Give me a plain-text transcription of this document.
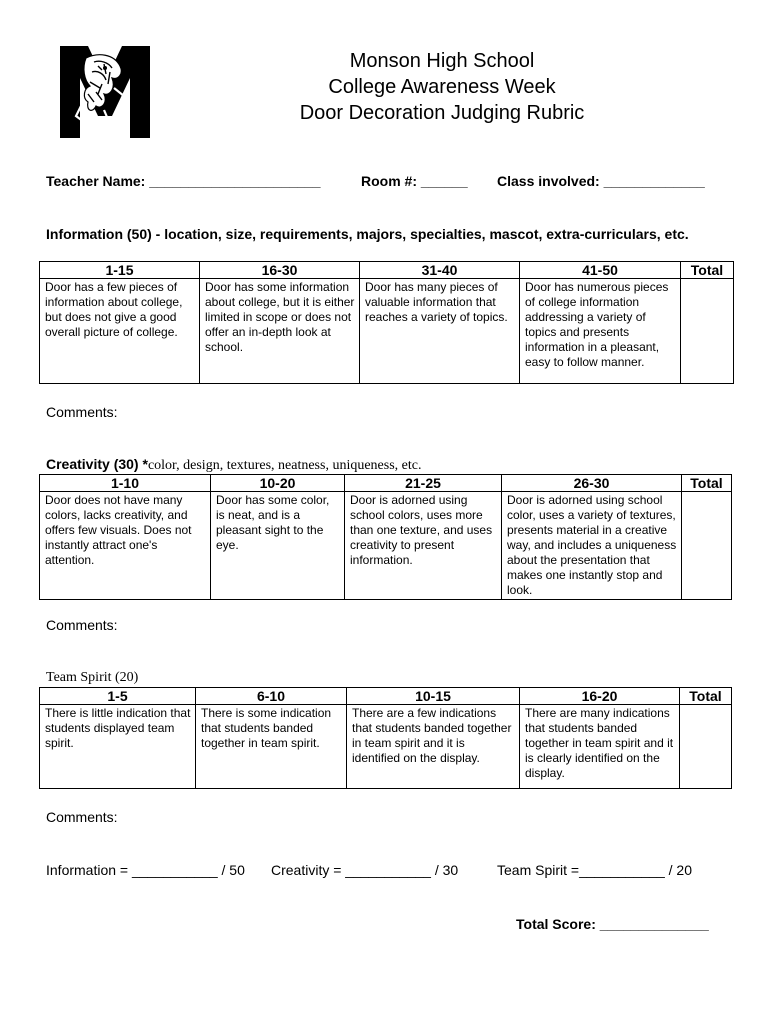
Monson High School
College Awareness Week
Door Decoration Judging Rubric
Teacher Name: ______________________	Room #: ______ Class involved: _____________
Information (50) - location, size, requirements, majors, specialties, mascot, extra-curriculars, etc.
1-15	16-30	31-40	41-50	Total
Door has a few pieces of information about college, but does not give a good overall picture of college.	Door has some information about college, but it is either limited in scope or does not offer an in-depth look at school.	Door has many pieces of valuable information that reaches a variety of topics.	Door has numerous pieces of college information addressing a variety of topics and presents information in a pleasant, easy to follow manner.	
Comments:
Creativity (30) *color, design, textures, neatness, uniqueness, etc.
1-10	10-20	21-25	26-30	Total
Door does not have many colors, lacks creativity, and offers few visuals. Does not instantly attract one's attention.	Door has some color, is neat, and is a pleasant sight to the eye.	Door is adorned using school colors, uses more than one texture, and uses creativity to present information.	Door is adorned using school color, uses a variety of textures, presents material in a creative way, and includes a uniqueness about the presentation that makes one instantly stop and look.	
Comments:
Team Spirit (20)
1-5	6-10	10-15	16-20	Total
There is little indication that students displayed team spirit.	There is some indication that students banded together in team spirit.	There are a few indications that students banded together in team spirit and it is identified on the display.	There are many indications that students banded together in team spirit and it is clearly identified on the display.	
Comments:
Information = ___________ / 50 Creativity = ___________ / 30	Team Spirit =___________ / 20
Total Score: ______________
